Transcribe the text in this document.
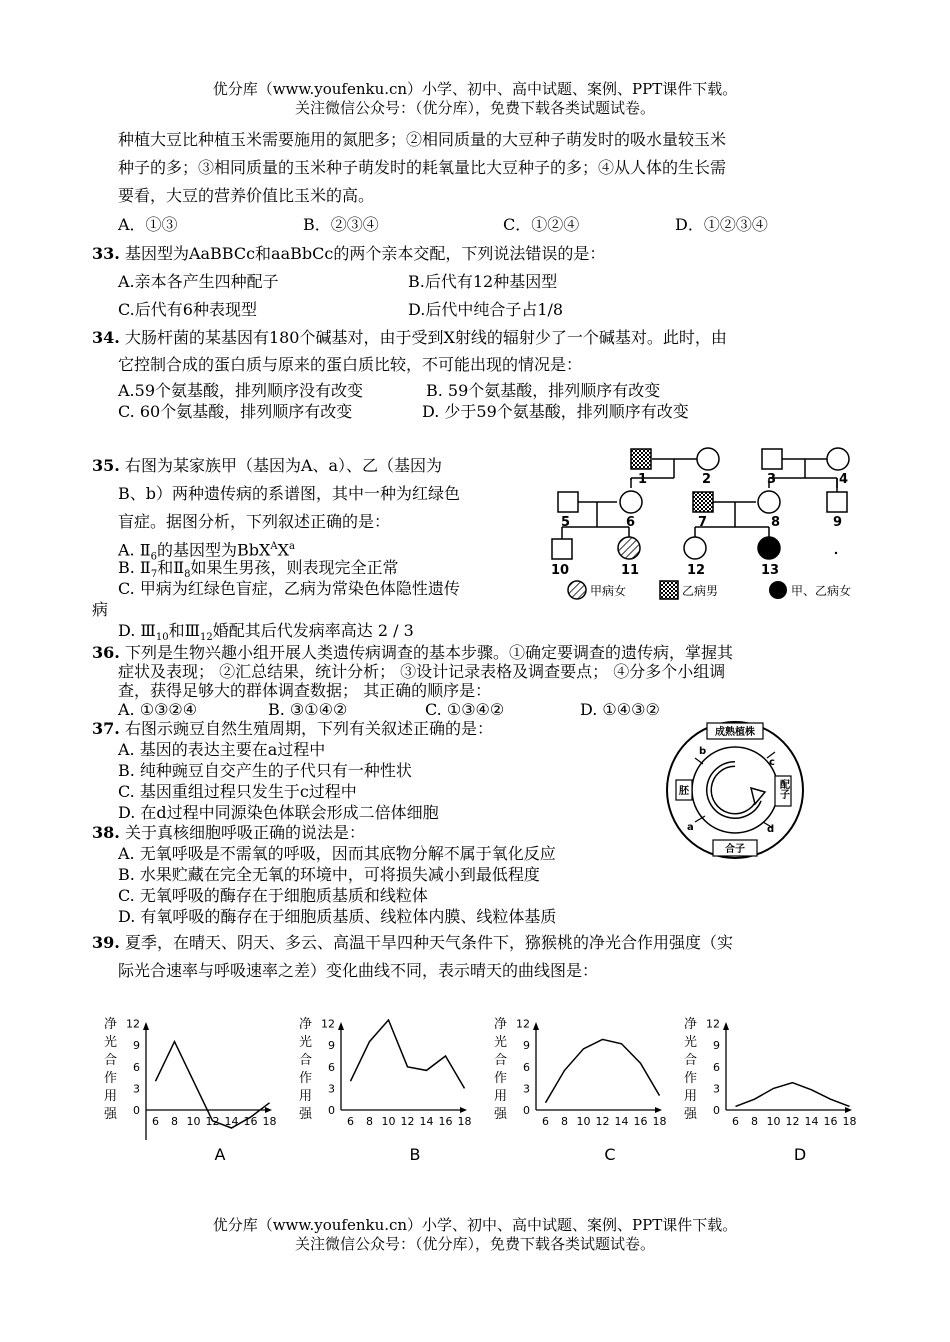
优分库（www.youfenku.cn）小学、初中、高中试题、案例、PPT课件下载。
关注微信公众号：（优分库），免费下载各类试题试卷。
种植大豆比种植玉米需要施用的氮肥多；②相同质量的大豆种子萌发时的吸水量较玉米
种子的多；③相同质量的玉米种子萌发时的耗氧量比大豆种子的多；④从人体的生长需
要看，大豆的营养价值比玉米的高。
A．①③	B．②③④	C．①②④	D．①②③④
33. 基因型为AaBBCc和aaBbCc的两个亲本交配，下列说法错误的是：
A.亲本各产生四种配子	B.后代有12种基因型
C.后代有6种表现型	D.后代中纯合子占1/8
34. 大肠杆菌的某基因有180个碱基对，由于受到X射线的辐射少了一个碱基对。此时，由
它控制合成的蛋白质与原来的蛋白质比较，不可能出现的情况是：
A.59个氨基酸，排列顺序没有改变	B. 59个氨基酸，排列顺序有改变
C. 60个氨基酸，排列顺序有改变	D. 少于59个氨基酸，排列顺序有改变
35. 右图为某家族甲（基因为A、a）、乙（基因为
B、b）两种遗传病的系谱图，其中一种为红绿色
盲症。据图分析，下列叙述正确的是：
A. $Ⅱ_6$的基因型为$BbX^AX^a$
B. $Ⅱ_7$和$Ⅱ_8$如果生男孩，则表现完全正常
C. 甲病为红绿色盲症，乙病为常染色体隐性遗传
病
D. $Ⅲ_{10}$和$Ⅲ_{12}$婚配其后代发病率高达 2 / 3
1	2	3	4
5	6	7	8	9
10	11	12	13
甲病女	乙病男	甲、乙病女
36. 下列是生物兴趣小组开展人类遗传病调查的基本步骤。①确定要调查的遗传病，掌握其
症状及表现； ②汇总结果，统计分析； ③设计记录表格及调查要点； ④分多个小组调
查，获得足够大的群体调查数据； 其正确的顺序是：
A. ①③②④	B. ③①④②	C. ①③④②	D. ①④③②
37. 右图示豌豆自然生殖周期，下列有关叙述正确的是：
A. 基因的表达主要在a过程中
B. 纯种豌豆自交产生的子代只有一种性状
C. 基因重组过程只发生于c过程中
D. 在d过程中同源染色体联会形成二倍体细胞
成熟植株
配子
合子
胚
b
c
d
a
38. 关于真核细胞呼吸正确的说法是：
A. 无氧呼吸是不需氧的呼吸，因而其底物分解不属于氧化反应
B. 水果贮藏在完全无氧的环境中，可将损失减小到最低程度
C. 无氧呼吸的酶存在于细胞质基质和线粒体
D. 有氧呼吸的酶存在于细胞质基质、线粒体内膜、线粒体基质
39. 夏季，在晴天、阴天、多云、高温干旱四种天气条件下，猕猴桃的净光合作用强度（实
际光合速率与呼吸速率之差）变化曲线不同，表示晴天的曲线图是：
净
光
合
作
用
强 0
3
6
9
12
6 8 10 12 14 16 18
A
净
光
合
作
用
强 0
3
6
9
12
6 8 10 12 14 16 18
B
净
光
合
作
用
强 0
3
6
9
12
6 8 10 12 14 16 18
C
净
光
合
作
用
强 0
3
6
9
12
6 8 10 12 14 16 18
D
优分库（www.youfenku.cn）小学、初中、高中试题、案例、PPT课件下载。
关注微信公众号：（优分库），免费下载各类试题试卷。
